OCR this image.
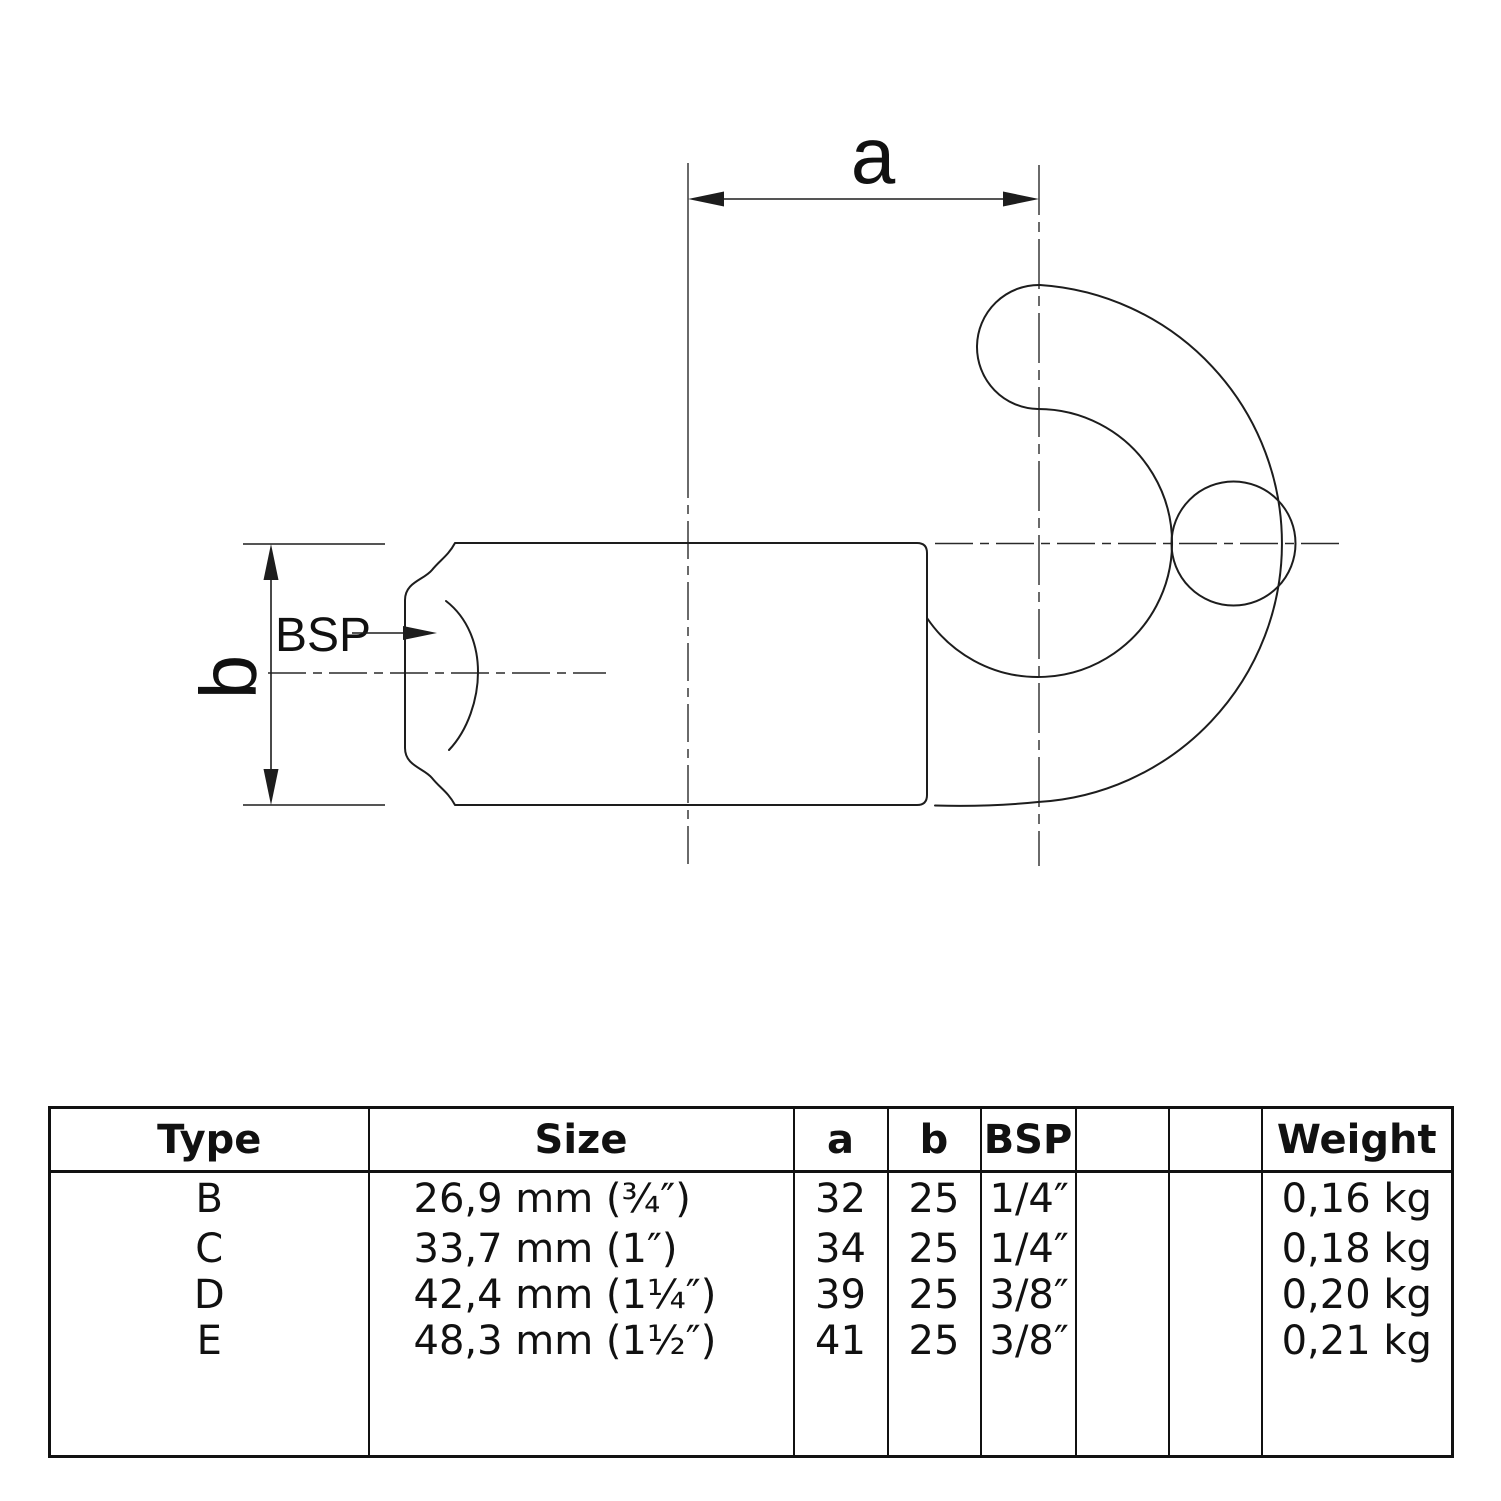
a
b
BSP
Type	Size	a	b	BSP			Weight
B	26,9 mm (¾″)	32	25	1/4″			0,16 kg
C	33,7 mm (1″)	34	25	1/4″			0,18 kg
D	42,4 mm (1¼″)	39	25	3/8″			0,20 kg
E	48,3 mm (1½″)	41	25	3/8″			0,21 kg
